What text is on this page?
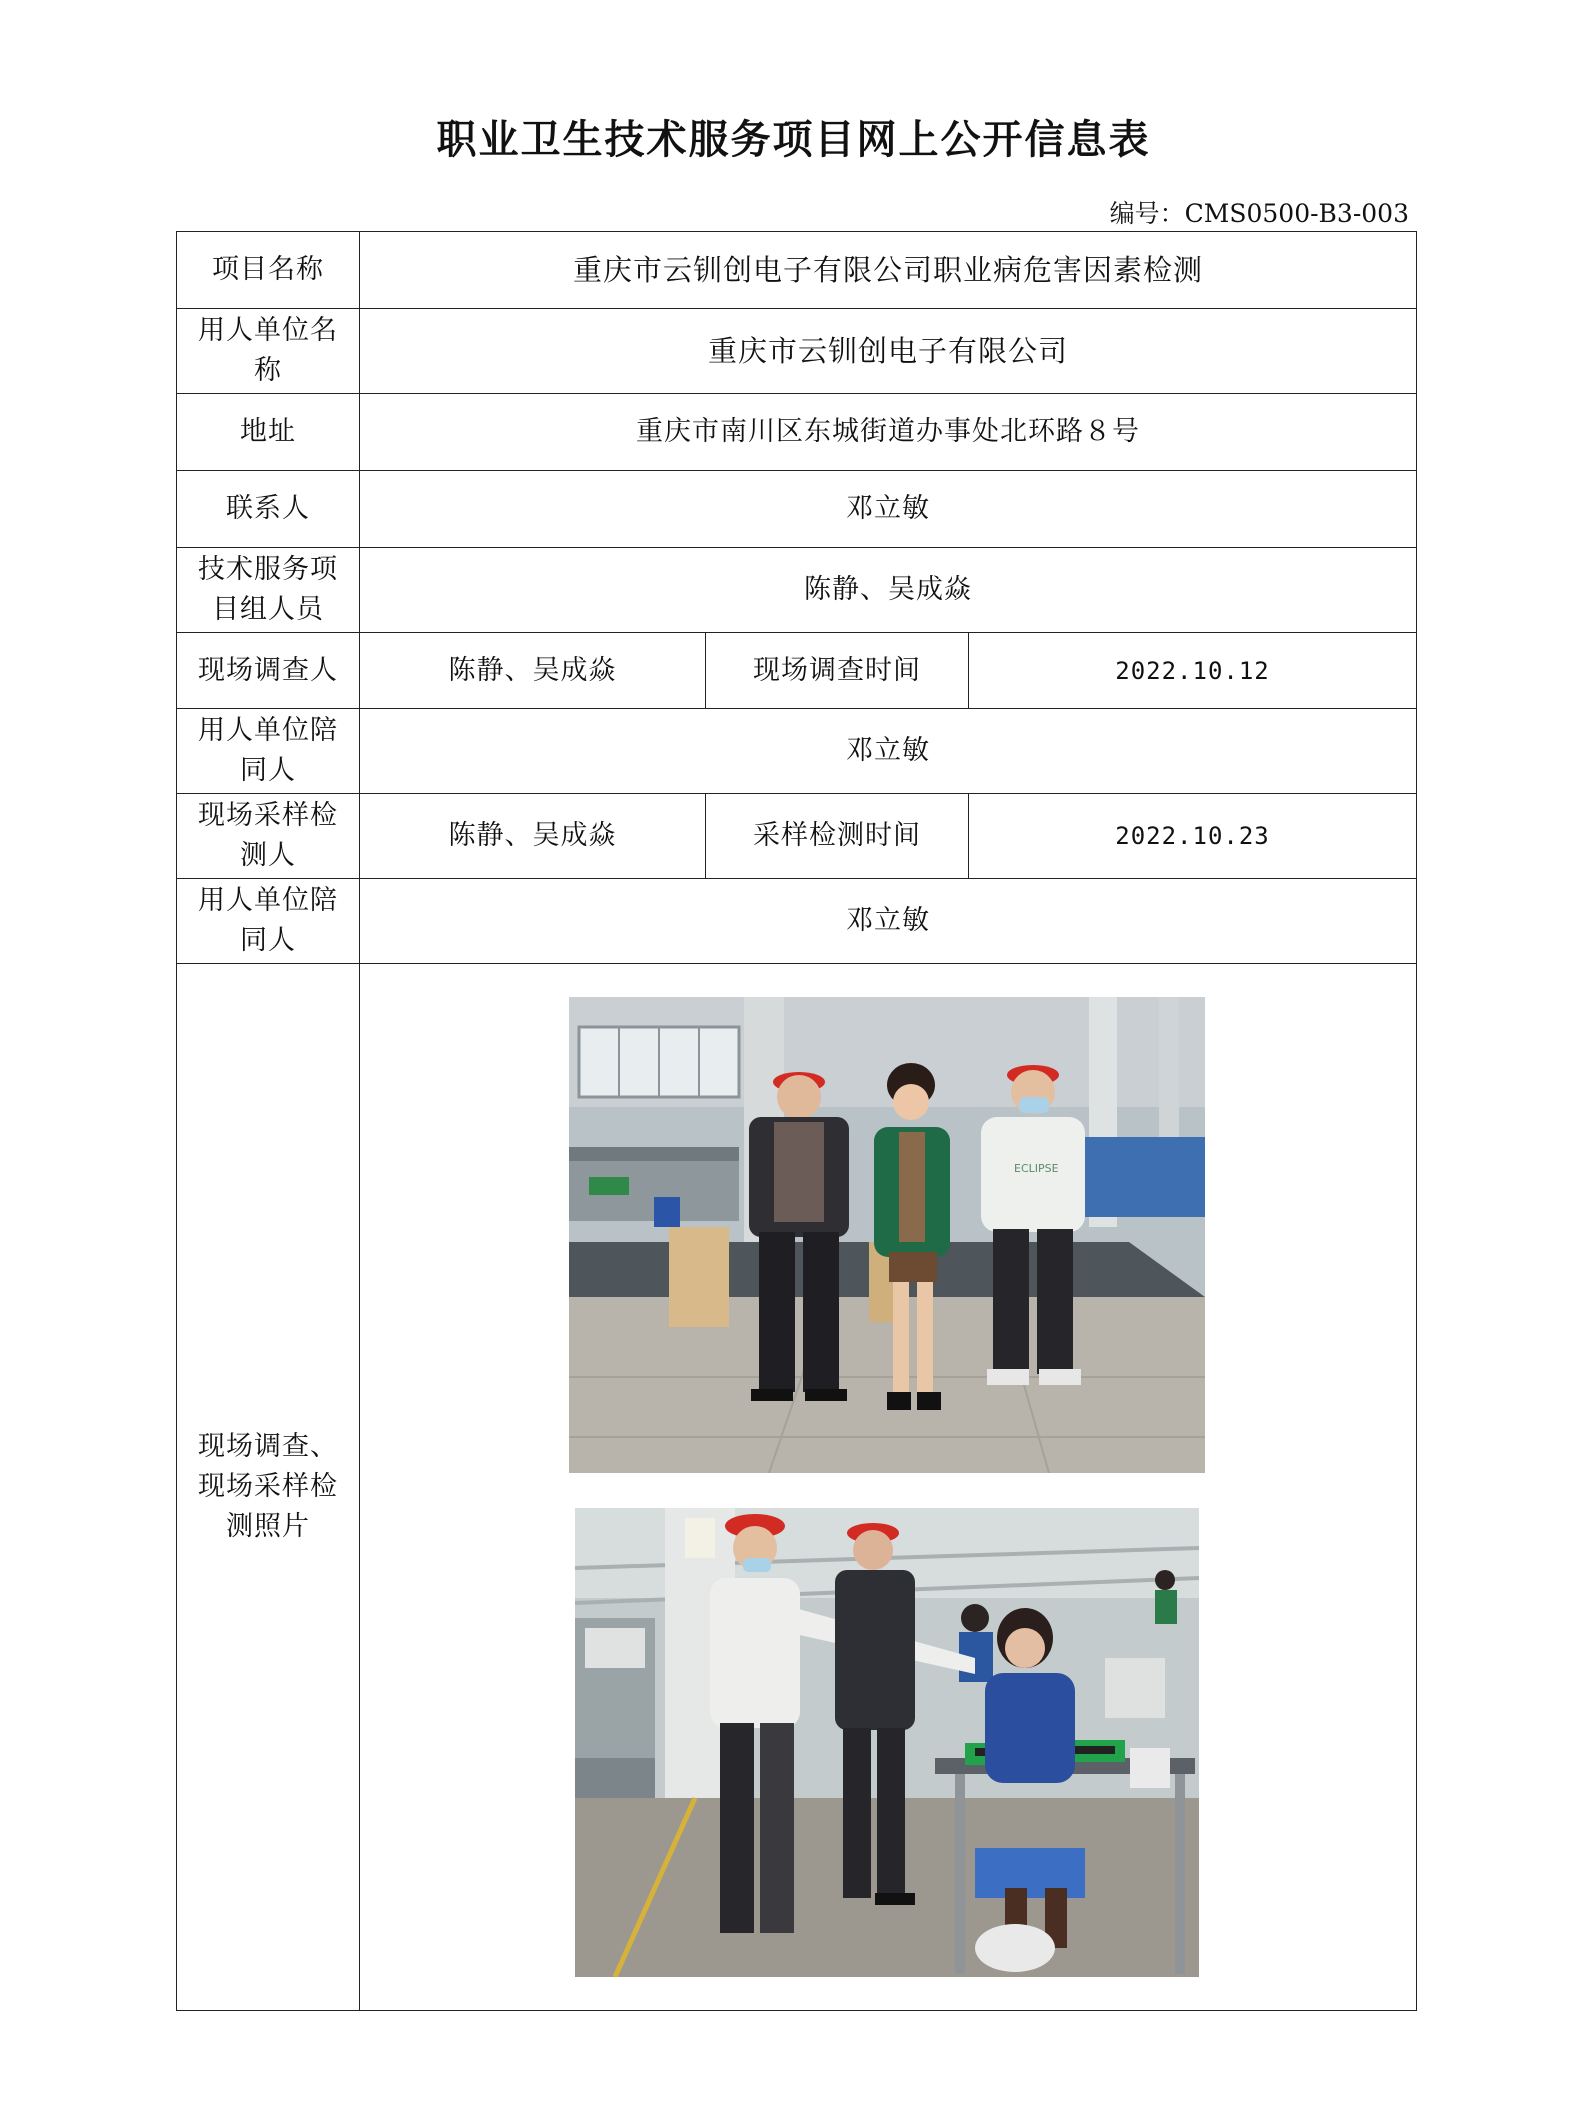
职业卫生技术服务项目网上公开信息表
编号：CMS0500-B3-003
项目名称	重庆市云钏创电子有限公司职业病危害因素检测		
用人单位名称	重庆市云钏创电子有限公司		
地址	重庆市南川区东城街道办事处北环路８号		
联系人	邓立敏		
技术服务项目组人员	陈静、吴成焱		
现场调查人	陈静、吴成焱	现场调查时间	2022.10.12
用人单位陪同人	邓立敏		
现场采样检测人	陈静、吴成焱	采样检测时间	2022.10.23
用人单位陪同人	邓立敏		
现场调查、现场采样检测照片			
ECLIPSE
